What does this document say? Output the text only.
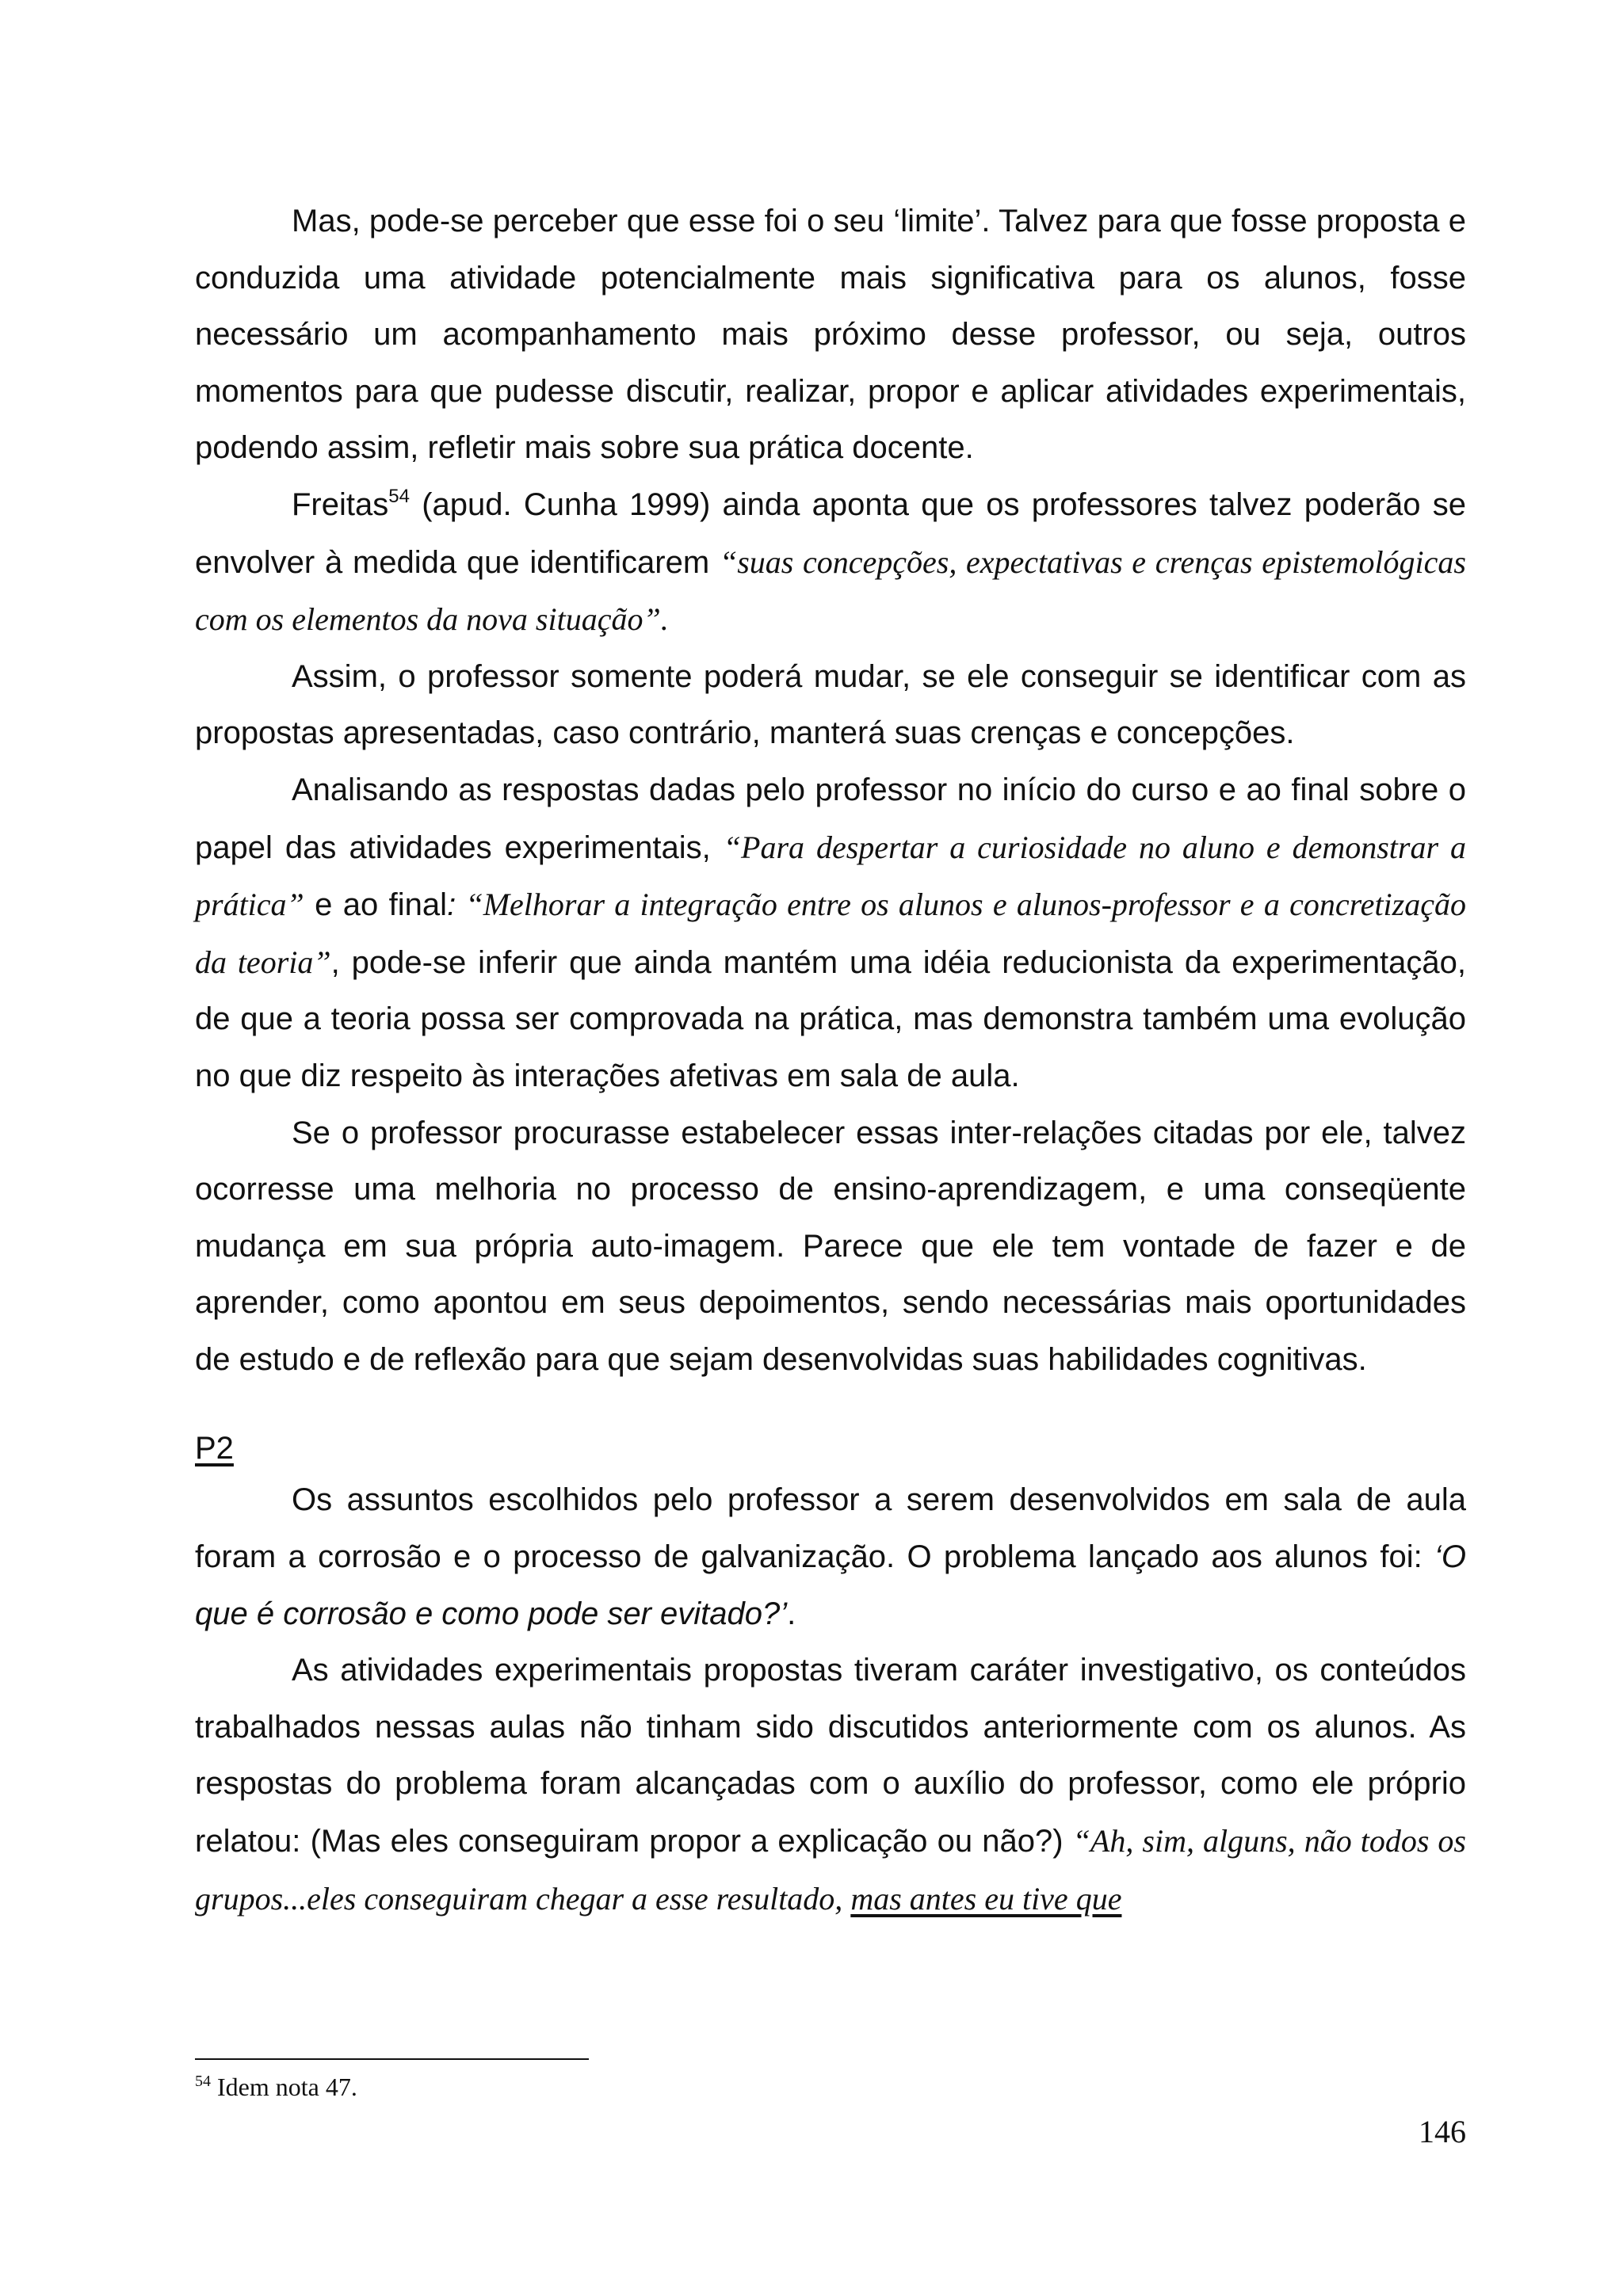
Mas, pode-se perceber que esse foi o seu ‘limite’. Talvez para que fosse proposta e conduzida uma atividade potencialmente mais significativa para os alunos, fosse necessário um acompanhamento mais próximo desse professor, ou seja, outros momentos para que pudesse discutir, realizar, propor e aplicar atividades experimentais, podendo assim, refletir mais sobre sua prática docente.

Freitas$^{54}$ (apud. Cunha 1999) ainda aponta que os professores talvez poderão se envolver à medida que identificarem “suas concepções, expectativas e crenças epistemológicas com os elementos da nova situação”.

Assim, o professor somente poderá mudar, se ele conseguir se identificar com as propostas apresentadas, caso contrário, manterá suas crenças e concepções.

Analisando as respostas dadas pelo professor no início do curso e ao final sobre o papel das atividades experimentais, “Para despertar a curiosidade no aluno e demonstrar a prática” e ao final: “Melhorar a integração entre os alunos e alunos-professor e a concretização da teoria”, pode-se inferir que ainda mantém uma idéia reducionista da experimentação, de que a teoria possa ser comprovada na prática, mas demonstra também uma evolução no que diz respeito às interações afetivas em sala de aula.

Se o professor procurasse estabelecer essas inter-relações citadas por ele, talvez ocorresse uma melhoria no processo de ensino-aprendizagem, e uma conseqüente mudança em sua própria auto-imagem. Parece que ele tem vontade de fazer e de aprender, como apontou em seus depoimentos, sendo necessárias mais oportunidades de estudo e de reflexão para que sejam desenvolvidas suas habilidades cognitivas.

P2

Os assuntos escolhidos pelo professor a serem desenvolvidos em sala de aula foram a corrosão e o processo de galvanização. O problema lançado aos alunos foi: ‘O que é corrosão e como pode ser evitado?’.

As atividades experimentais propostas tiveram caráter investigativo, os conteúdos trabalhados nessas aulas não tinham sido discutidos anteriormente com os alunos. As respostas do problema foram alcançadas com o auxílio do professor, como ele próprio relatou: (Mas eles conseguiram propor a explicação ou não?) “Ah, sim, alguns, não todos os grupos...eles conseguiram chegar a esse resultado, mas antes eu tive que

$^{54}$ Idem nota 47.
146
